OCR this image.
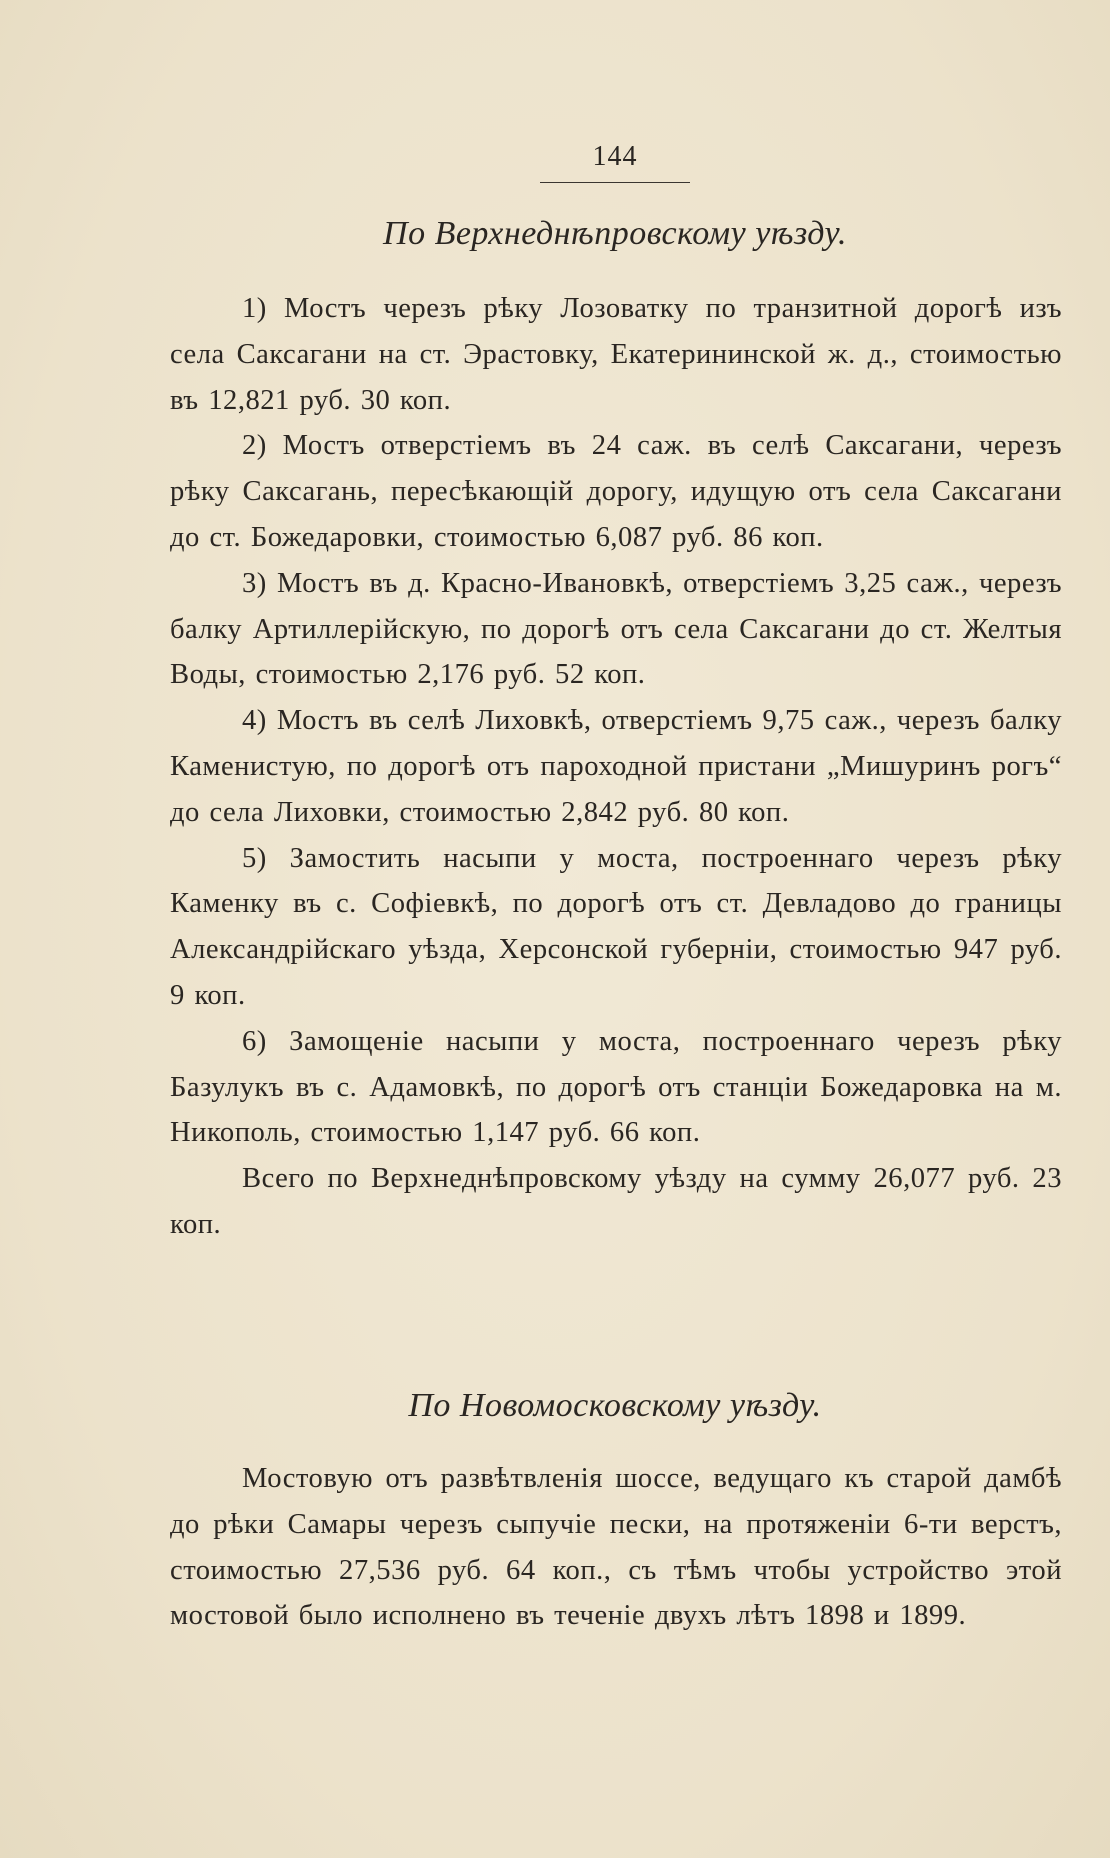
144
По Верхнеднѣпровскому уѣзду.

1) Мостъ черезъ рѣку Лозоватку по транзитной дорогѣ изъ села Саксагани на ст. Эрастовку, Екатерининской ж. д., стоимостью въ 12,821 руб. 30 коп.

2) Мостъ отверстіемъ въ 24 саж. въ селѣ Саксагани, черезъ рѣку Саксагань, пересѣкающій дорогу, идущую отъ села Саксагани до ст. Божедаровки, стоимостью 6,087 руб. 86 коп.

3) Мостъ въ д. Красно-Ивановкѣ, отверстіемъ 3,25 саж., черезъ балку Артиллерійскую, по дорогѣ отъ села Саксагани до ст. Желтыя Воды, стоимостью 2,176 руб. 52 коп.

4) Мостъ въ селѣ Лиховкѣ, отверстіемъ 9,75 саж., черезъ балку Каменистую, по дорогѣ отъ пароходной пристани „Мишуринъ рогъ“ до села Лиховки, стоимостью 2,842 руб. 80 коп.

5) Замостить насыпи у моста, построеннаго черезъ рѣку Каменку въ с. Софіевкѣ, по дорогѣ отъ ст. Девладово до границы Александрійскаго уѣзда, Херсонской губерніи, стоимостью 947 руб. 9 коп.

6) Замощеніе насыпи у моста, построеннаго черезъ рѣку Базулукъ въ с. Адамовкѣ, по дорогѣ отъ станціи Божедаровка на м. Никополь, стоимостью 1,147 руб. 66 коп.

Всего по Верхнеднѣпровскому уѣзду на сумму 26,077 руб. 23 коп.

По Новомосковскому уѣзду.

Мостовую отъ развѣтвленія шоссе, ведущаго къ старой дамбѣ до рѣки Самары черезъ сыпучіе пески, на протяженіи 6-ти верстъ, стоимостью 27,536 руб. 64 коп., съ тѣмъ чтобы устройство этой мостовой было исполнено въ теченіе двухъ лѣтъ 1898 и 1899.
